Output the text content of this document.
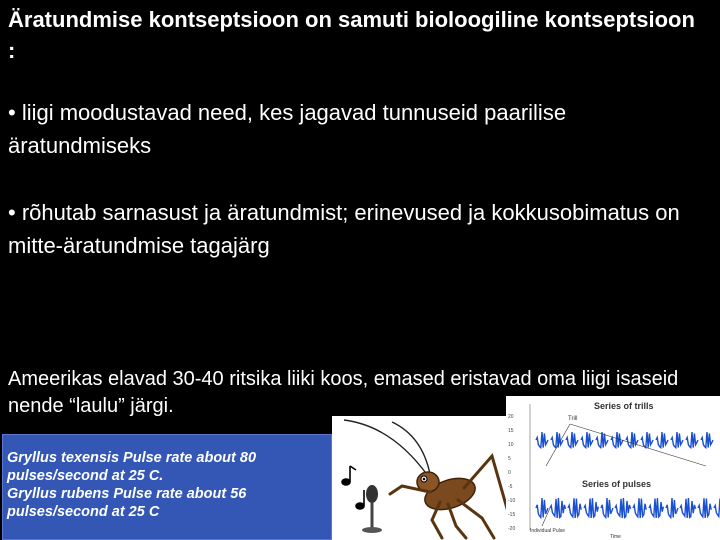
Äratundmise kontseptsioon on samuti bioloogiline kontseptsioon :
• liigi moodustavad need, kes jagavad tunnuseid paarilise äratundmiseks
• rõhutab sarnasust ja äratundmist; erinevused ja kokkusobimatus on mitte-äratundmise tagajärg
Ameerikas elavad 30-40 ritsika liiki koos, emased eristavad oma liigi isaseid nende “laulu” järgi.
Gryllus texensis Pulse rate about 80
pulses/second at 25 C.
Gryllus rubens Pulse rate about 56
pulses/second at 25 C
Series of trills
Series of pulses
Trill
Individual Pulse
Time
20
15
10
5
0
-5
-10
-15
-20
